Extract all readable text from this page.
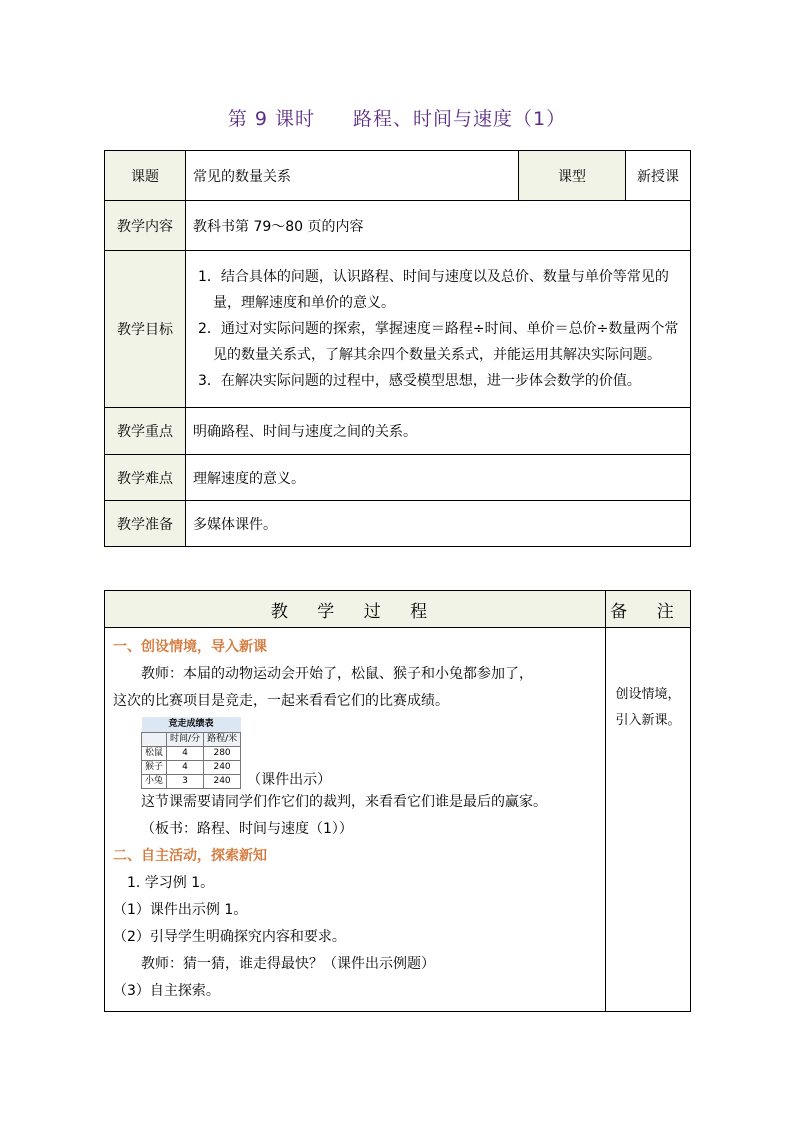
第 9 课时 路程、时间与速度（1）
课题	常见的数量关系	课型	新授课
教学内容	教科书第 79～80 页的内容		
教学目标	1．结合具体的问题，认识路程、时间与速度以及总价、数量与单价等常见的量，理解速度和单价的意义。

2．通过对实际问题的探索，掌握速度＝路程÷时间、单价＝总价÷数量两个常见的数量关系式，了解其余四个数量关系式，并能运用其解决实际问题。

3．在解决实际问题的过程中，感受模型思想，进一步体会数学的价值。		

教学重点	明确路程、时间与速度之间的关系。		
教学难点	理解速度的意义。		
教学准备	多媒体课件。		
教 学 过 程	备 注

一、创设情境，导入新课
教师：本届的动物运动会开始了，松鼠、猴子和小兔都参加了，
这次的比赛项目是竞走，一起来看看它们的比赛成绩。
竞走成绩表
	时间/分	路程/米
松鼠	4	280
猴子	4	240
小兔	3	240 （课件出示）
这节课需要请同学们作它们的裁判，来看看它们谁是最后的赢家。
（板书：路程、时间与速度（1））
二、自主活动，探索新知
1. 学习例 1。
（1）课件出示例 1。
（2）引导学生明确探究内容和要求。
教师：猜一猜，谁走得最快？（课件出示例题）
（3）自主探索。

创设情境，
引入新课。
